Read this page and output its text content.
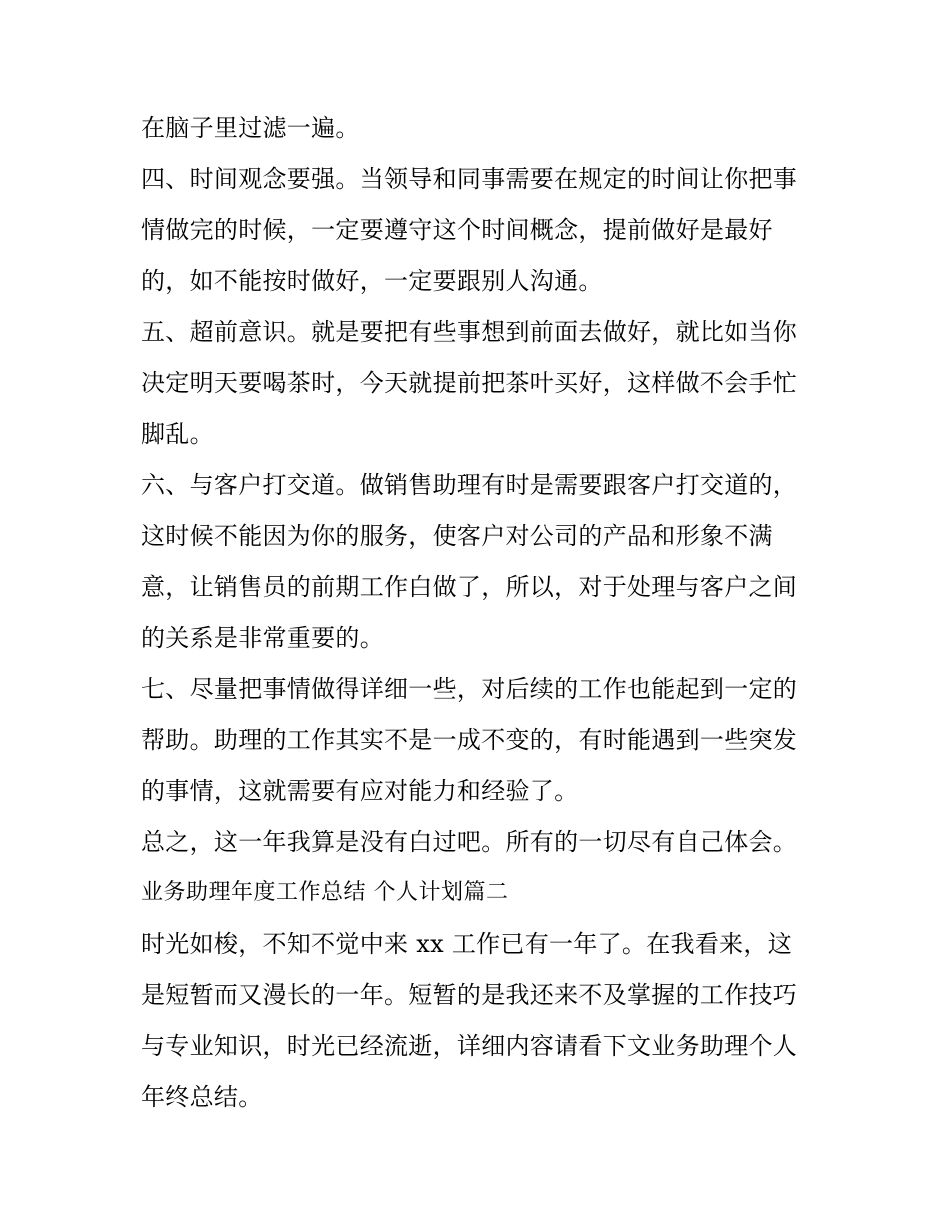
在脑子里过滤一遍。
四、时间观念要强。当领导和同事需要在规定的时间让你把事
情做完的时候，一定要遵守这个时间概念，提前做好是最好
的，如不能按时做好，一定要跟别人沟通。
五、超前意识。就是要把有些事想到前面去做好，就比如当你
决定明天要喝茶时，今天就提前把茶叶买好，这样做不会手忙
脚乱。
六、与客户打交道。做销售助理有时是需要跟客户打交道的，
这时候不能因为你的服务，使客户对公司的产品和形象不满
意，让销售员的前期工作白做了，所以，对于处理与客户之间
的关系是非常重要的。
七、尽量把事情做得详细一些，对后续的工作也能起到一定的
帮助。助理的工作其实不是一成不变的，有时能遇到一些突发
的事情，这就需要有应对能力和经验了。
总之，这一年我算是没有白过吧。所有的一切尽有自己体会。
业务助理年度工作总结 个人计划篇二
时光如梭，不知不觉中来 xx 工作已有一年了。在我看来，这
是短暂而又漫长的一年。短暂的是我还来不及掌握的工作技巧
与专业知识，时光已经流逝，详细内容请看下文业务助理个人
年终总结。
